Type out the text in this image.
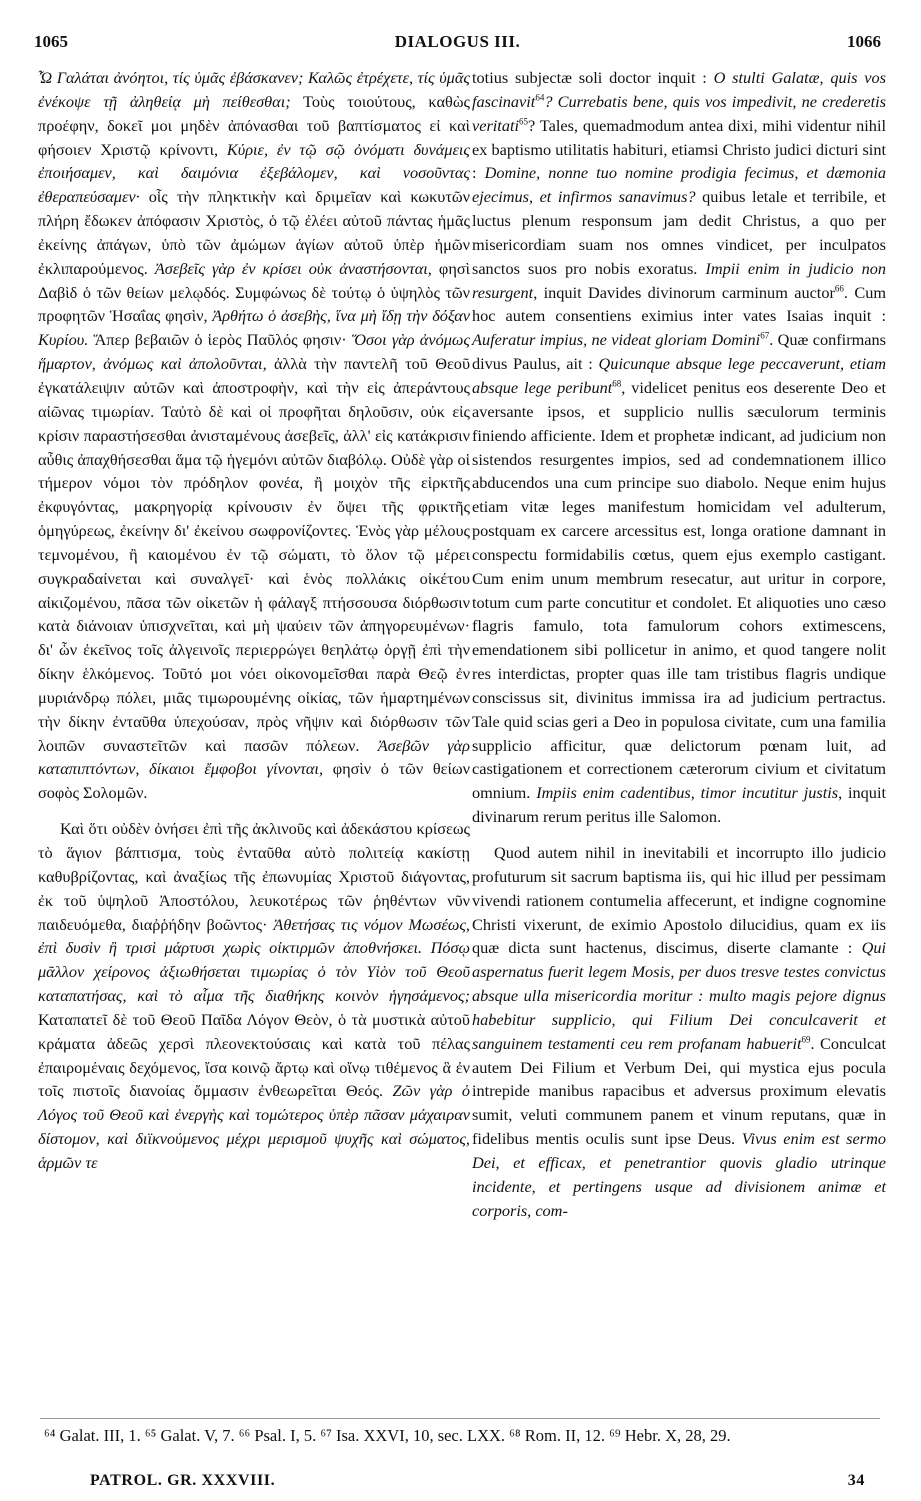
1065	DIALOGUS III.	1066

Ὦ Γαλάται ἀνόητοι, τίς ὑμᾶς ἐβάσκανεν; Καλῶς ἐτρέχετε, τίς ὑμᾶς ἐνέκοψε τῇ ἀληθείᾳ μὴ πείθεσθαι; Τοὺς τοιούτους, καθὼς προέφην, δοκεῖ μοι μηδὲν ἀπόνασθαι τοῦ βαπτίσματος εἰ καὶ φήσοιεν Χριστῷ κρίνοντι, Κύριε, ἐν τῷ σῷ ὀνόματι δυνάμεις ἐποιήσαμεν, καὶ δαιμόνια ἐξεβάλομεν, καὶ νοσοῦντας ἐθεραπεύσαμεν· οἷς τὴν πληκτικὴν καὶ δριμεῖαν καὶ κωκυτῶν πλήρη ἔδωκεν ἀπόφασιν Χριστὸς, ὁ τῷ ἐλέει αὐτοῦ πάντας ἡμᾶς ἐκείνης ἀπάγων, ὑπὸ τῶν ἀμώμων ἁγίων αὐτοῦ ὑπὲρ ἡμῶν ἐκλιπαρούμενος. Ἀσεβεῖς γὰρ ἐν κρίσει οὐκ ἀναστήσονται, φησὶ Δαβὶδ ὁ τῶν θείων μελῳδός. Συμφώνως δὲ τούτῳ ὁ ὑψηλὸς τῶν προφητῶν Ἡσαΐας φησὶν, Ἀρθήτω ὁ ἀσεβὴς, ἵνα μὴ ἴδῃ τὴν δόξαν Κυρίου. Ἅπερ βεβαιῶν ὁ ἱερὸς Παῦλός φησιν· Ὅσοι γὰρ ἀνόμως ἥμαρτον, ἀνόμως καὶ ἀπολοῦνται, ἀλλὰ τὴν παντελῆ τοῦ Θεοῦ ἐγκατάλειψιν αὐτῶν καὶ ἀποστροφὴν, καὶ τὴν εἰς ἀπεράντους αἰῶνας τιμωρίαν. Ταὐτὸ δὲ καὶ οἱ προφῆται δηλοῦσιν, οὐκ εἰς κρίσιν παραστήσεσθαι ἀνισταμένους ἀσεβεῖς, ἀλλ' εἰς κατάκρισιν αὖθις ἀπαχθήσεσθαι ἅμα τῷ ἡγεμόνι αὐτῶν διαβόλῳ. Οὐδὲ γὰρ οἱ τήμερον νόμοι τὸν πρόδηλον φονέα, ἢ μοιχὸν τῆς εἱρκτῆς ἐκφυγόντας, μακρηγορίᾳ κρίνουσιν ἐν ὄψει τῆς φρικτῆς ὁμηγύρεως, ἐκείνην δι' ἐκείνου σωφρονίζοντες. Ἑνὸς γὰρ μέλους τεμνομένου, ἢ καιομένου ἐν τῷ σώματι, τὸ ὅλον τῷ μέρει συγκραδαίνεται καὶ συναλγεῖ· καὶ ἑνὸς πολλάκις οἰκέτου αἰκιζομένου, πᾶσα τῶν οἰκετῶν ἡ φάλαγξ πτήσσουσα διόρθωσιν κατὰ διάνοιαν ὑπισχνεῖται, καὶ μὴ ψαύειν τῶν ἀπηγορευμένων· δι' ὧν ἐκεῖνος τοῖς ἀλγεινοῖς περιερρώγει θεηλάτῳ ὀργῇ ἐπὶ τὴν δίκην ἑλκόμενος. Τοῦτό μοι νόει οἰκονομεῖσθαι παρὰ Θεῷ ἐν μυριάνδρῳ πόλει, μιᾶς τιμωρουμένης οἰκίας, τῶν ἡμαρτημένων τὴν δίκην ἐνταῦθα ὑπεχούσαν, πρὸς νῆψιν καὶ διόρθωσιν τῶν λοιπῶν συναστεῖτῶν καὶ πασῶν πόλεων. Ἀσεβῶν γὰρ καταπιπτόντων, δίκαιοι ἔμφοβοι γίνονται, φησὶν ὁ τῶν θείων σοφὸς Σολομῶν.

Καὶ ὅτι οὐδὲν ὀνήσει ἐπὶ τῆς ἀκλινοῦς καὶ ἀδεκάστου κρίσεως τὸ ἅγιον βάπτισμα, τοὺς ἐνταῦθα αὐτὸ πολιτείᾳ κακίστῃ καθυβρίζοντας, καὶ ἀναξίως τῆς ἐπωνυμίας Χριστοῦ διάγοντας, ἐκ τοῦ ὑψηλοῦ Ἀποστόλου, λευκοτέρως τῶν ῥηθέντων νῦν παιδευόμεθα, διαῤῥήδην βοῶντος· Ἀθετήσας τις νόμον Μωσέως, ἐπὶ δυσὶν ἢ τρισὶ μάρτυσι χωρὶς οἰκτιρμῶν ἀποθνήσκει. Πόσῳ μᾶλλον χείρονος ἀξιωθήσεται τιμωρίας ὁ τὸν Υἱὸν τοῦ Θεοῦ καταπατήσας, καὶ τὸ αἷμα τῆς διαθήκης κοινὸν ἡγησάμενος; Καταπατεῖ δὲ τοῦ Θεοῦ Παῖδα Λόγον Θεὸν, ὁ τὰ μυστικὰ αὐτοῦ κράματα ἀδεῶς χερσὶ πλεονεκτούσαις καὶ κατὰ τοῦ πέλας ἐπαιρομέναις δεχόμενος, ἴσα κοινῷ ἄρτῳ καὶ οἴνῳ τιθέμενος ἃ ἐν τοῖς πιστοῖς διανοίας ὄμμασιν ἐνθεωρεῖται Θεός. Ζῶν γὰρ ὁ Λόγος τοῦ Θεοῦ καὶ ἐνεργὴς καὶ τομώτερος ὑπὲρ πᾶσαν μάχαιραν δίστομον, καὶ διϊκνούμενος μέχρι μερισμοῦ ψυχῆς καὶ σώματος, ἁρμῶν τε

totius subjectæ soli doctor inquit : O stulti Galatæ, quis vos fascinavit$^{64}$? Currebatis bene, quis vos impedivit, ne crederetis veritati$^{65}$? Tales, quemadmodum antea dixi, mihi videntur nihil ex baptismo utilitatis habituri, etiamsi Christo judici dicturi sint : Domine, nonne tuo nomine prodigia fecimus, et dæmonia ejecimus, et infirmos sanavimus? quibus letale et terribile, et luctus plenum responsum jam dedit Christus, a quo per misericordiam suam nos omnes vindicet, per inculpatos sanctos suos pro nobis exoratus. Impii enim in judicio non resurgent, inquit Davides divinorum carminum auctor$^{66}$. Cum hoc autem consentiens eximius inter vates Isaias inquit : Auferatur impius, ne videat gloriam Domini$^{67}$. Quæ confirmans divus Paulus, ait : Quicunque absque lege peccaverunt, etiam absque lege peribunt$^{68}$, videlicet penitus eos deserente Deo et aversante ipsos, et supplicio nullis sæculorum terminis finiendo afficiente. Idem et prophetæ indicant, ad judicium non sistendos resurgentes impios, sed ad condemnationem illico abducendos una cum principe suo diabolo. Neque enim hujus etiam vitæ leges manifestum homicidam vel adulterum, postquam ex carcere arcessitus est, longa oratione damnant in conspectu formidabilis cœtus, quem ejus exemplo castigant. Cum enim unum membrum resecatur, aut uritur in corpore, totum cum parte concutitur et condolet. Et aliquoties uno cæso flagris famulo, tota famulorum cohors extimescens, emendationem sibi pollicetur in animo, et quod tangere nolit res interdictas, propter quas ille tam tristibus flagris undique conscissus sit, divinitus immissa ira ad judicium pertractus. Tale quid scias geri a Deo in populosa civitate, cum una familia supplicio afficitur, quæ delictorum pœnam luit, ad castigationem et correctionem cæterorum civium et civitatum omnium. Impiis enim cadentibus, timor incutitur justis, inquit divinarum rerum peritus ille Salomon.

Quod autem nihil in inevitabili et incorrupto illo judicio profuturum sit sacrum baptisma iis, qui hic illud per pessimam vivendi rationem contumelia affecerunt, et indigne cognomine Christi vixerunt, de eximio Apostolo dilucidius, quam ex iis quæ dicta sunt hactenus, discimus, diserte clamante : Qui aspernatus fuerit legem Mosis, per duos tresve testes convictus absque ulla misericordia moritur : multo magis pejore dignus habebitur supplicio, qui Filium Dei conculcaverit et sanguinem testamenti ceu rem profanam habuerit$^{69}$. Conculcat autem Dei Filium et Verbum Dei, qui mystica ejus pocula intrepide manibus rapacibus et adversus proximum elevatis sumit, veluti communem panem et vinum reputans, quæ in fidelibus mentis oculis sunt ipse Deus. Vivus enim est sermo Dei, et efficax, et penetrantior quovis gladio utrinque incidente, et pertingens usque ad divisionem animæ et corporis, com-

⁶⁴ Galat. III, 1. ⁶⁵ Galat. V, 7. ⁶⁶ Psal. I, 5. ⁶⁷ Isa. XXVI, 10, sec. LXX. ⁶⁸ Rom. II, 12. ⁶⁹ Hebr. X, 28, 29.
PATROL. GR. XXXVIII.	34
